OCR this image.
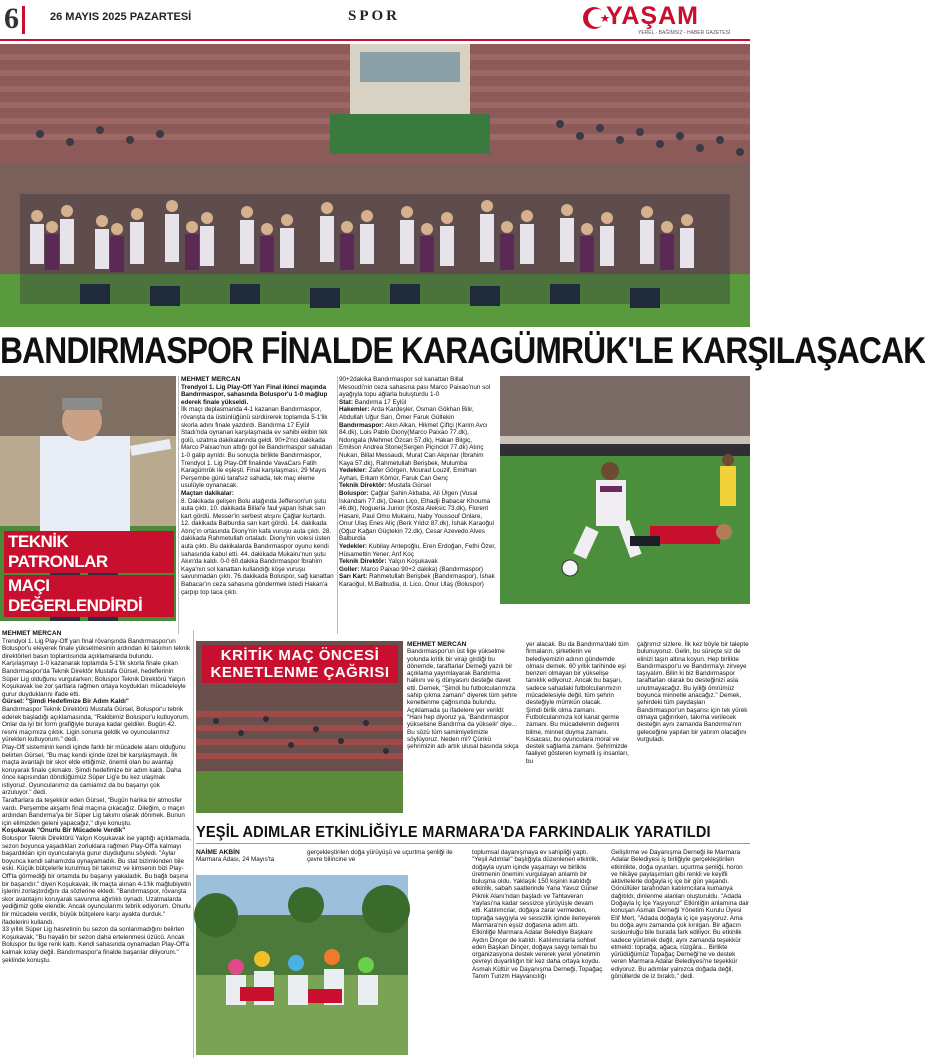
6	26 MAYIS 2025 PAZARTESİ	SPOR	YAŞAM
YEREL - BAĞIMSIZ - HABER GAZETESİ
BANDIRMASPOR FİNALDE KARAGÜMRÜK'LE KARŞILAŞACAK
TEKNİK PATRONLAR
MAÇI DEĞERLENDİRDİ

MEHMET MERCAN

Trendyol 1. Lig Play-Off Yarı Final ikinci maçında Bandırmaspor, sahasında Boluspor'u 1-0 mağlup ederek finale yükseldi.

İlk maçı deplasmanda 4-1 kazanan Bandırmaspor, rövanşta da üstünlüğünü sürdürerek toplamda 5-1'lik skorla adını finale yazdırdı. Bandırma 17 Eylül Stadı'nda oynanan karşılaşmada ev sahibi ekibin tek golü, uzatma dakikalarında geldi. 90+2'nci dakikada Marco Paixao'nun attığı gol ile Bandırmaspor sahadan 1-0 galip ayrıldı. Bu sonuçla birlikte Bandırmaspor, Trendyol 1. Lig Play-Off finalinde VavaCars Fatih Karagümrük ile eşleşti. Final karşılaşması, 29 Mayıs Perşembe günü tarafsız sahada, tek maç eleme usulüyle oynanacak.

Maçtan dakikalar:

8. Dakikada gelişen Bolu atağında Jefferson'un şutu auta çıktı. 10. dakikada Billal'e faul yapan İshak sarı kart gördü. Messer'in serbest atışını Çağlar kurtardı. 12. dakikada Balburdia sarı kart gördü. 14. dakikada Atınç'ın ortasında Diony'nin kafa vuruşu auta çıktı. 28. dakikada Rahmetullah ortaladı. Diony'nin volesi üsten auta çıktı. Bu dakikalarda Bandırmaspor oyunu kendi sahasında kabul etti. 44. dakikada Mukairu'nun şutu Akın'da kaldı. 0-0 60.dakika Bandırmaspor İbrahim Kaya'nın sol kanattan kullandığı köşe vuruşu savunmadan çıktı. 76.dakikada Boluspor, sağ kanattan Babacar'ın ceza sahasına göndermek istedi Hakan'a çarpıp top taca çıktı.

90+2dakika Bandırmaspor sol kanattan Billal Mesoudi'nin ceza sahasına pası Marco Paixao'nun sol ayağıyla topu ağlarla buluşturdu 1-0

Stat: Bandırma 17 Eylül

Hakemler: Arda Kardeşler, Osman Gökhan Bilir, Abdullah Uğur Sarı, Ömer Faruk Gültekin

Bandırmaspor: Akın Alkan, Hikmet Çiftçi (Karim Avcı 84.dk), Lois Pablo Diony(Marco Paixao 77.dk), Ndongala (Mehmet Özcan 57.dk), Hakan Bilgiç, Emilson Andrea Stone(Sergen Piçinciol 77.dk) Atınç Nukan, Billal Messaudi, Murat Can Akpınar (İbrahim Kaya 57.dk), Rahmetullah Berişbek, Mulumba

Yedekler: Zafer Görgen, Mourad Louzif, Emirhan Ayhan, Erkam Kömür, Faruk Can Genç

Teknik Direktör: Mustafa Gürsel

Boluspor: Çağlar Şahin Akbaba, Ali Ülgen (Vusal İskandarlı 77.dk), Dean Liço, Elhadji Babacar Khouma 46.dk), Nogueria Junior (Kosta Aleksic 73.dk), Florent Hasani, Paul Omo Mukairu, Naby Youssouf Onlare, Onur Ulaş Enes Aliç (Berk Yıldız 87.dk), İshak Karaoğul (Oğuz Kağan Güçtekin 72.dk), Cesar Azevedo Alves Balburdia

Yedekler: Kubilay Antepoğlu, Eren Erdoğan, Fethi Özer, Hüsamettin Yener, Arıf Koç

Teknik Direktör: Yalçın Koşukavak

Goller: Marco Paixao 90+2 dakika) (Bandırmaspor)

Sarı Kart: Rahmetullah Berişbek (Bandırmaspor), İshak Karaoğul, M.Balbudia, d. Lico, Onur Ulaş (Boluspor)

MEHMET MERCAN

Trendyol 1. Lig Play-Off yarı final rövanşında Bandırmaspor'un Boluspor'u eleyerek finale yükselmesinin ardından iki takımın teknik direktörleri basın toplantısında açıklamalarda bulundu. Karşılaşmayı 1-0 kazanarak toplamda 5-1'lik skorla finale çıkan Bandırmaspor'da Teknik Direktör Mustafa Gürsel, hedeflerinin Süper Lig olduğunu vurgularken; Boluspor Teknik Direktörü Yalçın Koşukavak ise zor şartlara rağmen ortaya koydukları mücadeleyle gurur duyduklarını ifade etti.

Gürsel: "Şimdi Hedefimize Bir Adım Kaldı"

Bandırmaspor Teknik Direktörü Mustafa Gürsel, Boluspor'u tebrik ederek başladığı açıklamasında, "Rakibimiz Boluspor'u kutluyorum. Onlar da iyi bir form grafiğiyle buraya kadar geldiler. Bugün 42. resmi maçımıza çıktık. Ligin sonuna geldik ve oyuncularımız yürekten kutluyorum." dedi.

Play-Off sisteminin kendi içinde farklı bir mücadele alanı olduğunu belirten Gürsel, "Bu maç kendi içinde özel bir karşılaşmaydı. İlk maçta avantajlı bir skor elde ettiğimiz, önemli olan bu avantajı koruyarak finale çıkmaktı. Şimdi hedefimize bir adım kaldı. Daha önce kapısından döndüğümüz Süper Lig'e bu kez ulaşmak istiyoruz. Oyuncularımız da camiamız da bu başarıyı çok arzuluyor." dedi.

Taraftarlara da teşekkür eden Gürsel, "Bugün harika bir atmosfer vardı. Perşembe akşamı final maçına çıkacağız. Dileğim, o maçın ardından Bandırma'ya bir Süper Lig takımı olarak dönmek. Bunun için elimizden geleni yapacağız," diye konuştu.

Koşukavak "Onurlu Bir Mücadele Verdik"

Boluspor Teknik Direktörü Yalçın Koşukavak ise yaptığı açıklamada, sezon boyunca yaşadıkları zorluklara rağmen Play-Off'a kalmayı başardıkları için oyuncularıyla gurur duyduğunu söyledi. "Aylar boyunca kendi sahamızda oynayamadık. Bu stat bizimkinden bile eski. Küçük bütçelerle kurulmuş bir takımız ve kimsenin bizi Play-Off'ta görmediği bir ortamda bu başarıyı yakaladık. Bu bağlı başına bir başarıdır." diyen Koşukavak, ilk maçta alınan 4-1'lik mağlubiyetin işlerini zorlaştırdığını da sözlerine ekledi. "Bandırmaspor, rövanşta skor avantajını koruyarak savunma ağırlıklı oynadı. Uzatmalarda yediğimiz golle elendik. Ancak oyuncularımı tebrik ediyorum. Onurlu bir mücadele verdik, büyük bütçelere karşı ayakta durduk." ifadelerini kullandı.

33 yıllık Süper Lig hasretinin bu sezon da sonlanmadığını belirten Koşukavak, "Bu hayalin bir sezon daha ertelenmesi üzücü. Ancak Boluspor bu lige renk kattı. Kendi sahasında oynamadan Play-Off'a kalmak kolay değil. Bandırmaspor'a finalde başarılar diliyorum." şeklinde konuştu.

KRİTİK MAÇ ÖNCESİ KENETLENME ÇAĞRISI

MEHMET MERCAN

Bandırmaspor'un üst lige yükselme yolunda kritik bir virajı girdiği bu dönemde, taraftarlar Demeği yazılı bir açıklama yayımlayarak Bandırma halkını ve iş dünyasını desteğe davet etti. Demek, "Şimdi bu futbolcularımıza sahip çıkma zamanı" diyerek tüm şehre kenetlenme çağrısında bulundu. Açıklamada şu ifadelere yer verildi: "Hani hep diyoruz ya, 'Bandırmaspor yükselsine Bandırma da yükselir' diye... Bu sözü tüm samimiyetimizle söylüyoruz. Neden mi? Çünkü şehrimizin adı artık ulusal basında sıkça

yer alacak. Bu da Bandırma'daki tüm firmaların, şirketlerin ve belediyemizin adının gündemde olması demek. 60 yıllık tarihinde eşi benzeri olmayan bir yükselişe tanıklık ediyoruz. Ancak bu başarı, sadece sahadaki futbolcularımızın mücadelesiyle değil, tüm şehrin desteğiyle mümkün olacak.

Şimdi birlik olma zamanı. Futbolcularımıza kol kanat germe zamanı. Bu mücadelenin değerini bilme, minnet duyma zamanı. Kısacası, bu oyunculara moral ve destek sağlama zamanı. Şehrimizde faaliyet gösteren kıymetli iş insanları, bu

çağrımız sizlere. İlk kez böyle bir talepte bulunuyoruz. Gelin, bu süreçte siz de elinizi taşın altına koyun. Hep birlikte Bandırmaspor'u ve Bandırma'yı zirveye taşıyalım. Bilin ki biz Bandırmaspor taraftarları olarak bu desteğinizi asla unutmayacağız. Bu iyiliği ömrümüz boyunca minnetle anacağız." Demek, şehirdeki tüm paydaşları Bandırmaspor'un başarısı için tek yürek olmaya çağırırken, takıma verilecek desteğin aynı zamanda Bandırma'nın geleceğine yapılan bir yatırım olacağını vurguladı.

YEŞİL ADIMLAR ETKİNLİĞİYLE MARMARA'DA FARKINDALIK YARATILDI

NAİME AKBİN

Marmara Adası, 24 Mayıs'ta

gerçekleştirilen doğa yürüyüşü ve uçurtma şenliği ile çevre bilincine ve

toplumsal dayanışmaya ev sahipliği yaptı. "Yeşil Adımlar" başlığıyla düzenlenen etkinlik, doğayla uyum içinde yaşamayı ve birlikte üretmenin önemini vurgulayan anlamlı bir buluşma oldu. Yaklaşık 150 kişinin katıldığı etkinlik, sabah saatlerinde Yana Yavuz Güner Piknik Alanı'ndan başladı ve Tahtaveran Yaylası'na kadar sessizce yürüyüşle devam etti. Katılımcılar, doğaya zarar vermeden, toprağa saygıyla ve sessizlik içinde ilerleyerek Marmara'nın eşsiz doğasına adım attı. Etkinliğe Marmara Adalar Belediye Başkanı Aydın Dinçer de katıldı. Katılımcılarla sohbet eden Başkan Dinçer, doğaya saygı temalı bu organizasyona destek vererek yerel yönetimin çevreyi duyarlılığın bir kez daha ortaya koydu. Asmalı Kültür ve Dayanışma Derneği, Topağaç Tanım Turizm Hayvancılığı

Geliştirme ve Dayanışma Derneği ile Marmara Adalar Belediyesi iş birliğiyle gerçekleştirilen etkinlikte, doğa oyunları, uçurtma şenliği, horon ve hikâye paylaşımları gibi renkli ve keyifli aktivitelerle doğayla iç içe bir gün yaşandı. Gönüllüler tarafından katılımcılara kumanya dağıtıldı, dinlenme alanları oluşturuldu. "Adada Doğayla İç İçe Yaşıyoruz" Etkinliğin anlamına dair konuşan Asmalı Derneği Yönetim Kurulu Üyesi Elif Mert, "Adada doğayla iç içe yaşıyoruz. Ama bu doğa aynı zamanda çok kırılgan. Bir ağacın suskunluğu bile burada fark ediliyor. Bu etkinlik sadece yürümek değil, aynı zamanda teşekkür etmekti: toprağa, ağaca, rüzgâra... Birlikte yürüdüğümüz Topağaç Derneği'ne ve destek veren Marmara Adalar Belediyesi'ne teşekkür ediyoruz. Bu adımlar yalnızca doğada değil, gönüllerde de iz bıraktı," dedi.
